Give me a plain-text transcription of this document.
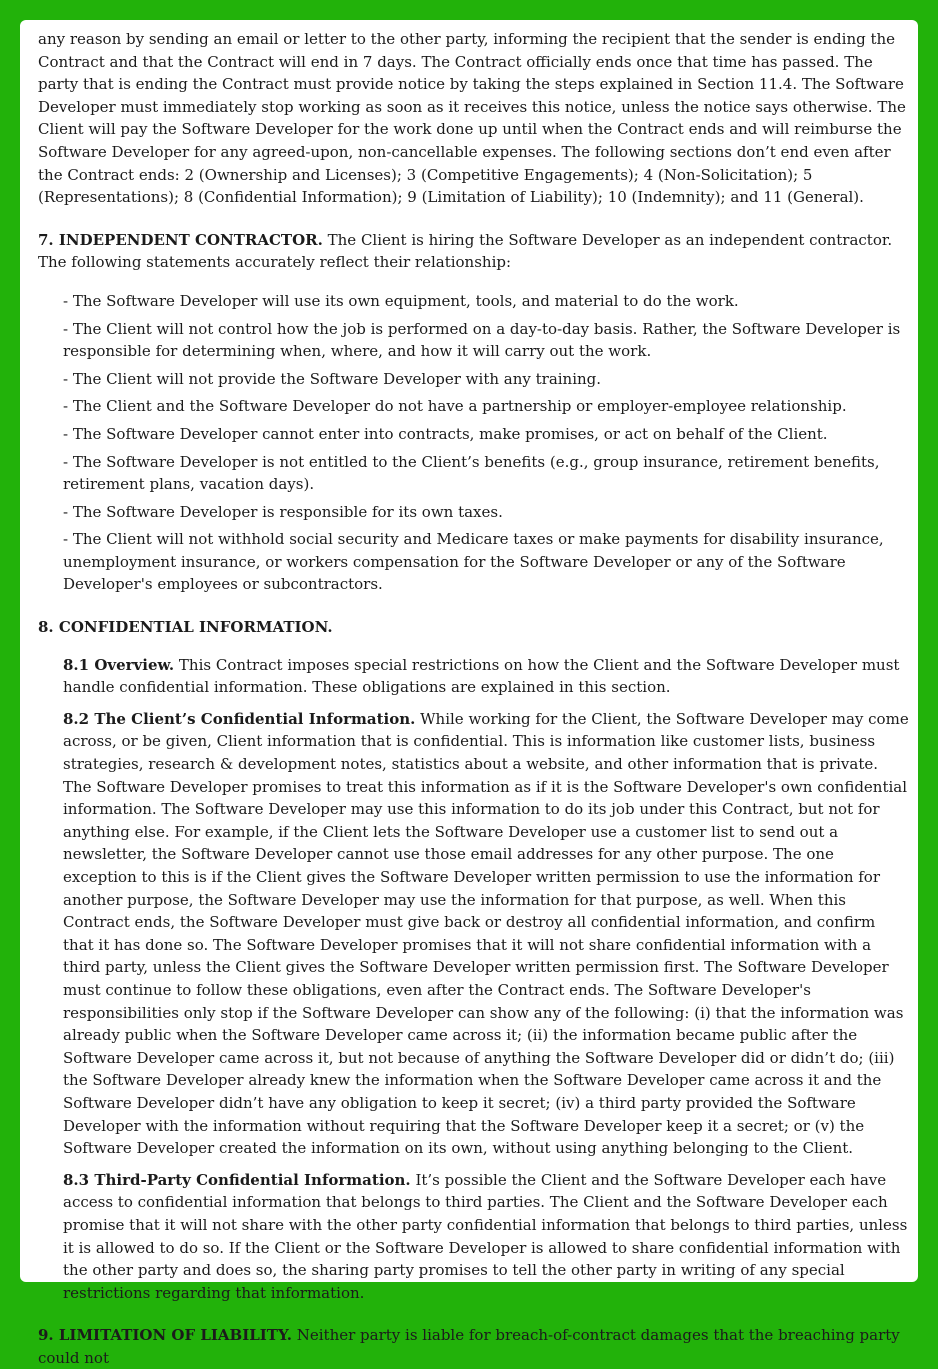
any reason by sending an email or letter to the other party, informing the recipient that the sender is ending the Contract and that the Contract will end in 7 days. The Contract officially ends once that time has passed. The party that is ending the Contract must provide notice by taking the steps explained in Section 11.4. The Software Developer must immediately stop working as soon as it receives this notice, unless the notice says otherwise. The Client will pay the Software Developer for the work done up until when the Contract ends and will reimburse the Software Developer for any agreed-upon, non-cancellable expenses. The following sections don’t end even after the Contract ends: 2 (Ownership and Licenses); 3 (Competitive Engagements); 4 (Non-Solicitation); 5 (Representations); 8 (Confidential Information); 9 (Limitation of Liability); 10 (Indemnity); and 11 (General).

7. INDEPENDENT CONTRACTOR. The Client is hiring the Software Developer as an independent contractor. The following statements accurately reflect their relationship:

- The Software Developer will use its own equipment, tools, and material to do the work.

- The Client will not control how the job is performed on a day-to-day basis. Rather, the Software Developer is responsible for determining when, where, and how it will carry out the work.

- The Client will not provide the Software Developer with any training.

- The Client and the Software Developer do not have a partnership or employer-employee relationship.

- The Software Developer cannot enter into contracts, make promises, or act on behalf of the Client.

- The Software Developer is not entitled to the Client’s benefits (e.g., group insurance, retirement benefits, retirement plans, vacation days).

- The Software Developer is responsible for its own taxes.

- The Client will not withhold social security and Medicare taxes or make payments for disability insurance, unemployment insurance, or workers compensation for the Software Developer or any of the Software Developer's employees or subcontractors.

8. CONFIDENTIAL INFORMATION.

8.1 Overview. This Contract imposes special restrictions on how the Client and the Software Developer must handle confidential information. These obligations are explained in this section.

8.2 The Client’s Confidential Information. While working for the Client, the Software Developer may come across, or be given, Client information that is confidential. This is information like customer lists, business strategies, research & development notes, statistics about a website, and other information that is private. The Software Developer promises to treat this information as if it is the Software Developer's own confidential information. The Software Developer may use this information to do its job under this Contract, but not for anything else. For example, if the Client lets the Software Developer use a customer list to send out a newsletter, the Software Developer cannot use those email addresses for any other purpose. The one exception to this is if the Client gives the Software Developer written permission to use the information for another purpose, the Software Developer may use the information for that purpose, as well. When this Contract ends, the Software Developer must give back or destroy all confidential information, and confirm that it has done so. The Software Developer promises that it will not share confidential information with a third party, unless the Client gives the Software Developer written permission first. The Software Developer must continue to follow these obligations, even after the Contract ends. The Software Developer's responsibilities only stop if the Software Developer can show any of the following: (i) that the information was already public when the Software Developer came across it; (ii) the information became public after the Software Developer came across it, but not because of anything the Software Developer did or didn’t do; (iii) the Software Developer already knew the information when the Software Developer came across it and the Software Developer didn’t have any obligation to keep it secret; (iv) a third party provided the Software Developer with the information without requiring that the Software Developer keep it a secret; or (v) the Software Developer created the information on its own, without using anything belonging to the Client.

8.3 Third-Party Confidential Information. It’s possible the Client and the Software Developer each have access to confidential information that belongs to third parties. The Client and the Software Developer each promise that it will not share with the other party confidential information that belongs to third parties, unless it is allowed to do so. If the Client or the Software Developer is allowed to share confidential information with the other party and does so, the sharing party promises to tell the other party in writing of any special restrictions regarding that information.

9. LIMITATION OF LIABILITY. Neither party is liable for breach-of-contract damages that the breaching party could not
